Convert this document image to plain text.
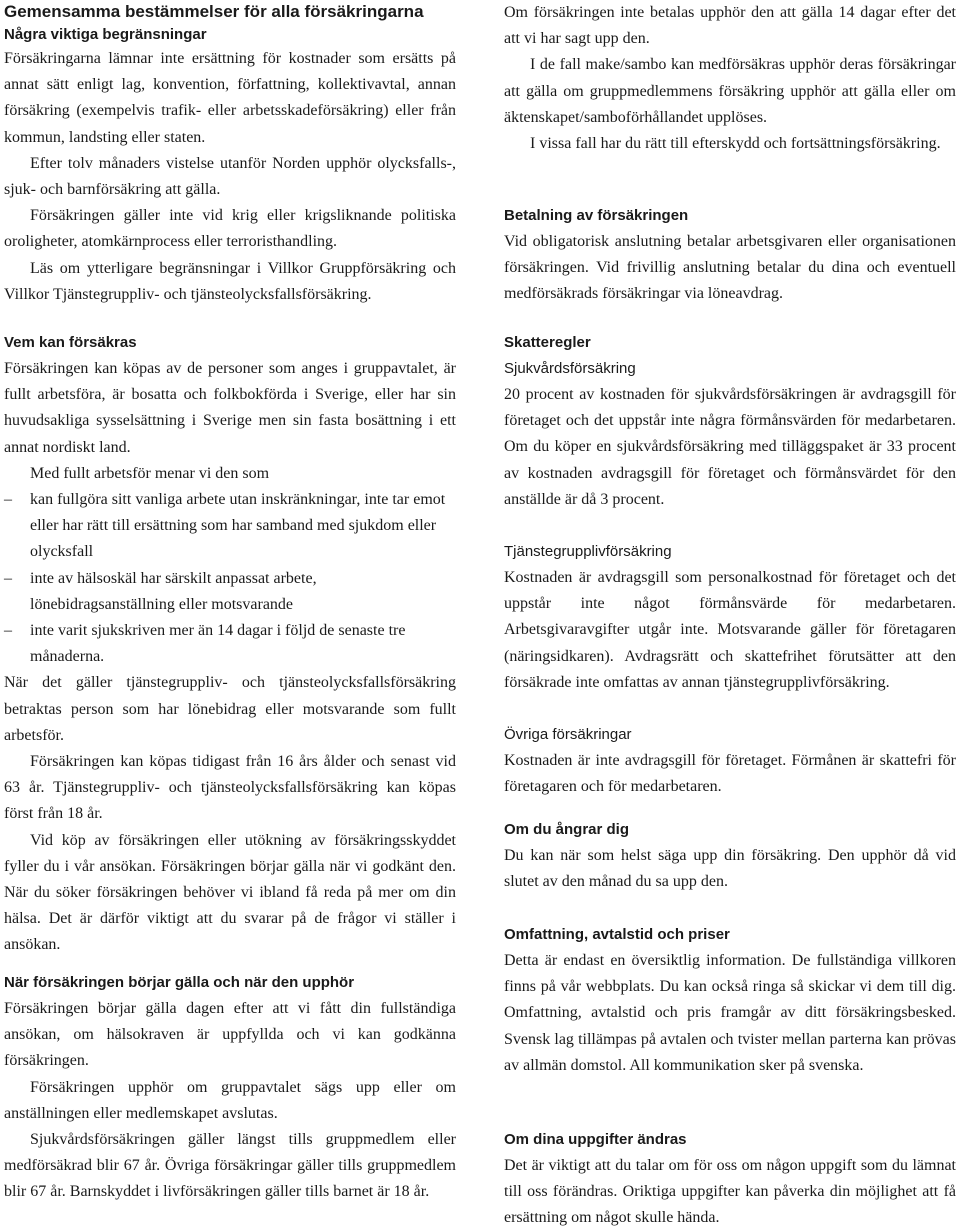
Gemensamma bestämmelser för alla försäkringarna
Några viktiga begränsningar

Försäkringarna lämnar inte ersättning för kostnader som ersätts på annat sätt enligt lag, konvention, författning, kollektivavtal, annan försäkring (exempelvis trafik- eller arbetsskadeförsäkring) eller från kommun, landsting eller staten.

Efter tolv månaders vistelse utanför Norden upphör olycksfalls-, sjuk- och barnförsäkring att gälla.

Försäkringen gäller inte vid krig eller krigsliknande politiska oroligheter, atomkärnprocess eller terroristhandling.

Läs om ytterligare begränsningar i Villkor Gruppförsäkring och Villkor Tjänstegruppliv- och tjänsteolycksfallsförsäkring.

Vem kan försäkras

Försäkringen kan köpas av de personer som anges i gruppavtalet, är fullt arbetsföra, är bosatta och folkbokförda i Sverige, eller har sin huvudsakliga sysselsättning i Sverige men sin fasta bosättning i ett annat nordiskt land.

Med fullt arbetsför menar vi den som

– kan fullgöra sitt vanliga arbete utan inskränkningar, inte tar emot eller har rätt till ersättning som har samband med sjukdom eller olycksfall
– inte av hälsoskäl har särskilt anpassat arbete, lönebidragsanställning eller motsvarande
– inte varit sjukskriven mer än 14 dagar i följd de senaste tre månaderna.

När det gäller tjänstegruppliv- och tjänsteolycksfallsförsäkring betraktas person som har lönebidrag eller motsvarande som fullt arbetsför.

Försäkringen kan köpas tidigast från 16 års ålder och senast vid 63 år. Tjänstegruppliv- och tjänsteolycksfallsförsäkring kan köpas först från 18 år.

Vid köp av försäkringen eller utökning av försäkringsskyddet fyller du i vår ansökan. Försäkringen börjar gälla när vi godkänt den. När du söker försäkringen behöver vi ibland få reda på mer om din hälsa. Det är därför viktigt att du svarar på de frågor vi ställer i ansökan.

När försäkringen börjar gälla och när den upphör

Försäkringen börjar gälla dagen efter att vi fått din fullständiga ansökan, om hälsokraven är uppfyllda och vi kan godkänna försäkringen.

Försäkringen upphör om gruppavtalet sägs upp eller om anställningen eller medlemskapet avslutas.

Sjukvårdsförsäkringen gäller längst tills gruppmedlem eller medförsäkrad blir 67 år. Övriga försäkringar gäller tills gruppmedlem blir 67 år. Barnskyddet i livförsäkringen gäller tills barnet är 18 år.

Om försäkringen inte betalas upphör den att gälla 14 dagar efter det att vi har sagt upp den.

I de fall make/sambo kan medförsäkras upphör deras försäkringar att gälla om gruppmedlemmens försäkring upphör att gälla eller om äktenskapet/samboförhållandet upplöses.

I vissa fall har du rätt till efterskydd och fortsättningsförsäkring.

Betalning av försäkringen

Vid obligatorisk anslutning betalar arbetsgivaren eller organisationen försäkringen. Vid frivillig anslutning betalar du dina och eventuell medförsäkrads försäkringar via löneavdrag.

Skatteregler
Sjukvårdsförsäkring

20 procent av kostnaden för sjukvårdsförsäkringen är avdragsgill för företaget och det uppstår inte några förmånsvärden för medarbetaren. Om du köper en sjukvårdsförsäkring med tilläggspaket är 33 procent av kostnaden avdragsgill för företaget och förmånsvärdet för den anställde är då 3 procent.

Tjänstegrupplivförsäkring

Kostnaden är avdragsgill som personalkostnad för företaget och det uppstår inte något förmånsvärde för medarbetaren. Arbetsgivaravgifter utgår inte. Motsvarande gäller för företagaren (näringsidkaren). Avdragsrätt och skattefrihet förutsätter att den försäkrade inte omfattas av annan tjänstegrupplivförsäkring.

Övriga försäkringar

Kostnaden är inte avdragsgill för företaget. Förmånen är skattefri för företagaren och för medarbetaren.

Om du ångrar dig

Du kan när som helst säga upp din försäkring. Den upphör då vid slutet av den månad du sa upp den.

Omfattning, avtalstid och priser

Detta är endast en översiktlig information. De fullständiga villkoren finns på vår webbplats. Du kan också ringa så skickar vi dem till dig. Omfattning, avtalstid och pris framgår av ditt försäkringsbesked. Svensk lag tillämpas på avtalen och tvister mellan parterna kan prövas av allmän domstol. All kommunikation sker på svenska.

Om dina uppgifter ändras

Det är viktigt att du talar om för oss om någon uppgift som du lämnat till oss förändras. Oriktiga uppgifter kan påverka din möjlighet att få ersättning om något skulle hända.
